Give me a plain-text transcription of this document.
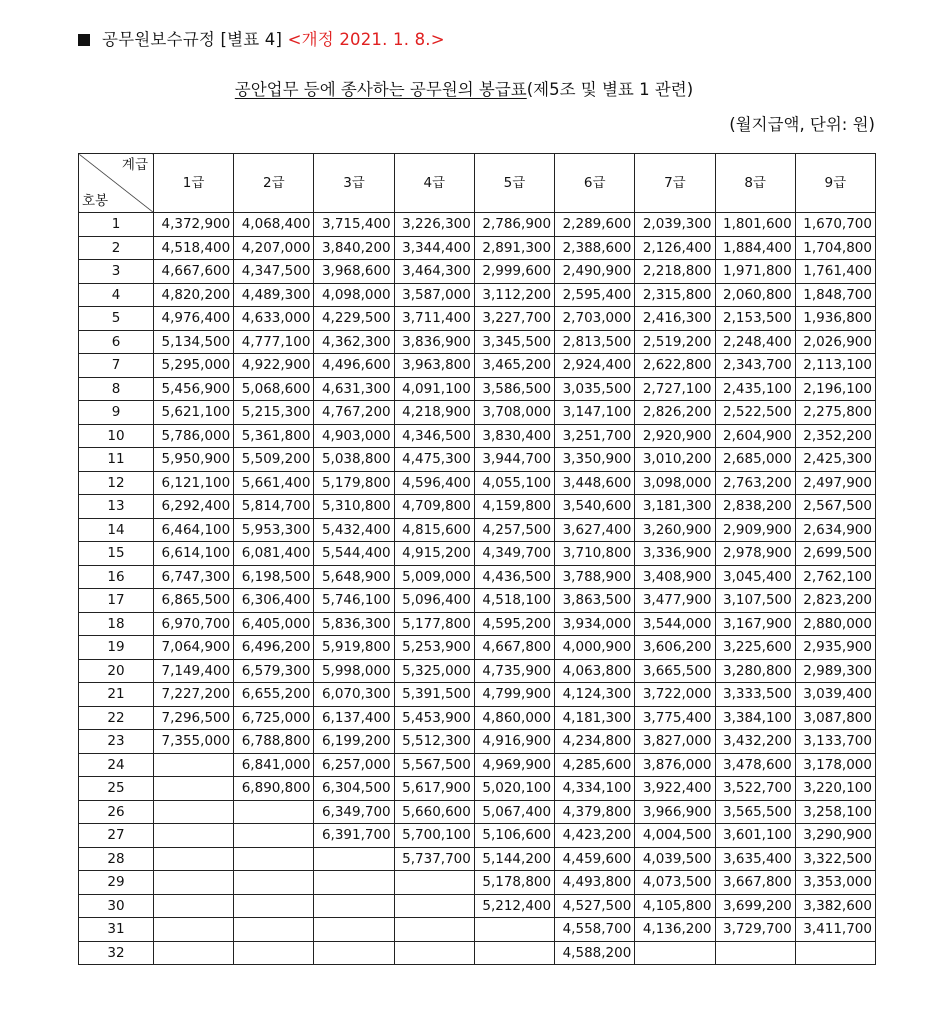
공무원보수규정 [별표 4] <개정 2021. 1. 8.>
공안업무 등에 종사하는 공무원의 봉급표(제5조 및 별표 1 관련)
(월지급액, 단위: 원)
계급
호봉	1급	2급	3급	4급	5급	6급	7급	8급	9급
1	4,372,900	4,068,400	3,715,400	3,226,300	2,786,900	2,289,600	2,039,300	1,801,600	1,670,700
2	4,518,400	4,207,000	3,840,200	3,344,400	2,891,300	2,388,600	2,126,400	1,884,400	1,704,800
3	4,667,600	4,347,500	3,968,600	3,464,300	2,999,600	2,490,900	2,218,800	1,971,800	1,761,400
4	4,820,200	4,489,300	4,098,000	3,587,000	3,112,200	2,595,400	2,315,800	2,060,800	1,848,700
5	4,976,400	4,633,000	4,229,500	3,711,400	3,227,700	2,703,000	2,416,300	2,153,500	1,936,800
6	5,134,500	4,777,100	4,362,300	3,836,900	3,345,500	2,813,500	2,519,200	2,248,400	2,026,900
7	5,295,000	4,922,900	4,496,600	3,963,800	3,465,200	2,924,400	2,622,800	2,343,700	2,113,100
8	5,456,900	5,068,600	4,631,300	4,091,100	3,586,500	3,035,500	2,727,100	2,435,100	2,196,100
9	5,621,100	5,215,300	4,767,200	4,218,900	3,708,000	3,147,100	2,826,200	2,522,500	2,275,800
10	5,786,000	5,361,800	4,903,000	4,346,500	3,830,400	3,251,700	2,920,900	2,604,900	2,352,200
11	5,950,900	5,509,200	5,038,800	4,475,300	3,944,700	3,350,900	3,010,200	2,685,000	2,425,300
12	6,121,100	5,661,400	5,179,800	4,596,400	4,055,100	3,448,600	3,098,000	2,763,200	2,497,900
13	6,292,400	5,814,700	5,310,800	4,709,800	4,159,800	3,540,600	3,181,300	2,838,200	2,567,500
14	6,464,100	5,953,300	5,432,400	4,815,600	4,257,500	3,627,400	3,260,900	2,909,900	2,634,900
15	6,614,100	6,081,400	5,544,400	4,915,200	4,349,700	3,710,800	3,336,900	2,978,900	2,699,500
16	6,747,300	6,198,500	5,648,900	5,009,000	4,436,500	3,788,900	3,408,900	3,045,400	2,762,100
17	6,865,500	6,306,400	5,746,100	5,096,400	4,518,100	3,863,500	3,477,900	3,107,500	2,823,200
18	6,970,700	6,405,000	5,836,300	5,177,800	4,595,200	3,934,000	3,544,000	3,167,900	2,880,000
19	7,064,900	6,496,200	5,919,800	5,253,900	4,667,800	4,000,900	3,606,200	3,225,600	2,935,900
20	7,149,400	6,579,300	5,998,000	5,325,000	4,735,900	4,063,800	3,665,500	3,280,800	2,989,300
21	7,227,200	6,655,200	6,070,300	5,391,500	4,799,900	4,124,300	3,722,000	3,333,500	3,039,400
22	7,296,500	6,725,000	6,137,400	5,453,900	4,860,000	4,181,300	3,775,400	3,384,100	3,087,800
23	7,355,000	6,788,800	6,199,200	5,512,300	4,916,900	4,234,800	3,827,000	3,432,200	3,133,700
24		6,841,000	6,257,000	5,567,500	4,969,900	4,285,600	3,876,000	3,478,600	3,178,000
25		6,890,800	6,304,500	5,617,900	5,020,100	4,334,100	3,922,400	3,522,700	3,220,100
26			6,349,700	5,660,600	5,067,400	4,379,800	3,966,900	3,565,500	3,258,100
27			6,391,700	5,700,100	5,106,600	4,423,200	4,004,500	3,601,100	3,290,900
28				5,737,700	5,144,200	4,459,600	4,039,500	3,635,400	3,322,500
29					5,178,800	4,493,800	4,073,500	3,667,800	3,353,000
30					5,212,400	4,527,500	4,105,800	3,699,200	3,382,600
31						4,558,700	4,136,200	3,729,700	3,411,700
32						4,588,200			
